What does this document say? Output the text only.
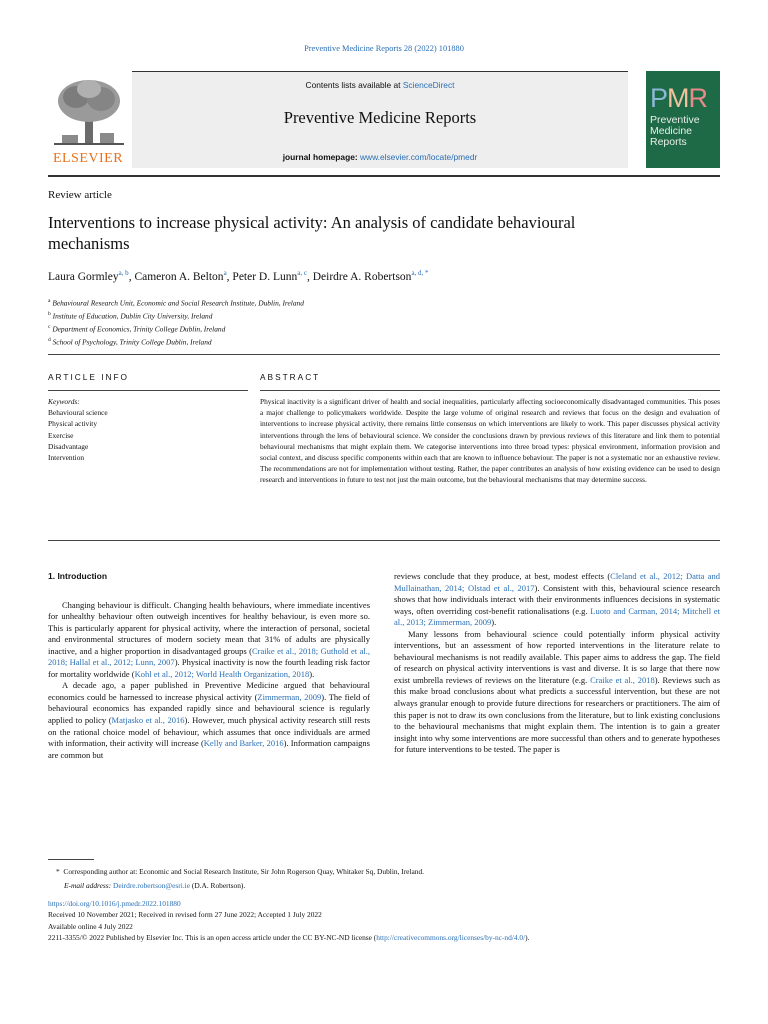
Preventive Medicine Reports 28 (2022) 101880
ELSEVIER
Contents lists available at ScienceDirect
Preventive Medicine Reports
journal homepage: www.elsevier.com/locate/pmedr
PMR
Preventive
Medicine
Reports
Review article
Interventions to increase physical activity: An analysis of candidate behavioural mechanisms
Laura Gormley$^{a, b}$, Cameron A. Belton$^a$, Peter D. Lunn$^{a, c}$, Deirdre A. Robertson$^{a, d, *}$
$^a$ Behavioural Research Unit, Economic and Social Research Institute, Dublin, Ireland
$^b$ Institute of Education, Dublin City University, Ireland
$^c$ Department of Economics, Trinity College Dublin, Ireland
$^d$ School of Psychology, Trinity College Dublin, Ireland
ARTICLE INFO	ABSTRACT
Keywords:
Behavioural science
Physical activity
Exercise
Disadvantage
Intervention
Physical inactivity is a significant driver of health and social inequalities, particularly affecting socioeconomically disadvantaged communities. This poses a major challenge to policymakers worldwide. Despite the large volume of original research and reviews that focus on the design and evaluation of interventions to increase physical activity, there remains little consensus on which interventions are likely to work. This paper discusses physical activity interventions through the lens of behavioural science. We consider the conclusions drawn by previous reviews of this literature and link them to potential behavioural mechanisms that might explain them. We categorise interventions into three broad types: physical environment, information provision and social context, and discuss specific components within each that are known to influence behaviour. The paper is not a systematic nor an exhaustive review. The recommendations are not for implementation without testing. Rather, the paper contributes an analysis of how existing evidence can be used to design research and interventions in future to test not just the main outcome, but the behavioural mechanisms that may determine success.
1. Introduction

Changing behaviour is difficult. Changing health behaviours, where immediate incentives for unhealthy behaviour often outweigh incentives for healthy behaviour, is even more so. This is particularly apparent for physical activity, where the interaction of personal, societal and environmental structures of modern society mean that 31% of adults are physically inactive, and a higher proportion in disadvantaged groups (Craike et al., 2018; Guthold et al., 2018; Hallal et al., 2012; Lunn, 2007). Physical inactivity is now the fourth leading risk factor for mortality worldwide (Kohl et al., 2012; World Health Organization, 2018).

A decade ago, a paper published in Preventive Medicine argued that behavioural economics could be harnessed to increase physical activity (Zimmerman, 2009). The field of behavioural economics has expanded rapidly since and behavioural science is regularly applied to policy (Matjasko et al., 2016). However, much physical activity research still rests on the rational choice model of behaviour, which assumes that once individuals are armed with information, their activity will increase (Kelly and Barker, 2016). Information campaigns are common but

reviews conclude that they produce, at best, modest effects (Cleland et al., 2012; Datta and Mullainathan, 2014; Olstad et al., 2017). Consistent with this, behavioural science research shows that how individuals interact with their environments influences decisions in systematic ways, often overriding cost-benefit rationalisations (e.g. Luoto and Carman, 2014; Mitchell et al., 2013; Zimmerman, 2009).

Many lessons from behavioural science could potentially inform physical activity interventions, but an assessment of how reported interventions in the literature relate to behavioural mechanisms is not readily available. This paper aims to address the gap. The field of research on physical activity interventions is vast and diverse. It is so large that there now exist umbrella reviews of reviews on the literature (e.g. Craike et al., 2018). Reviews such as this make broad conclusions about what predicts a successful intervention, but these are not always granular enough to provide future directions for researchers or practitioners. The aim of this paper is not to draw its own conclusions from the literature, but to link existing conclusions to the behavioural mechanisms that might explain them. The intention is to gain a greater insight into why some interventions are more successful than others and to generate hypotheses for future interventions to be tested. The paper is

* Corresponding author at: Economic and Social Research Institute, Sir John Rogerson Quay, Whitaker Sq, Dublin, Ireland.
E-mail address: Deirdre.robertson@esri.ie (D.A. Robertson).
https://doi.org/10.1016/j.pmedr.2022.101880
Received 10 November 2021; Received in revised form 27 June 2022; Accepted 1 July 2022
Available online 4 July 2022
2211-3355/© 2022 Published by Elsevier Inc. This is an open access article under the CC BY-NC-ND license (http://creativecommons.org/licenses/by-nc-nd/4.0/).
